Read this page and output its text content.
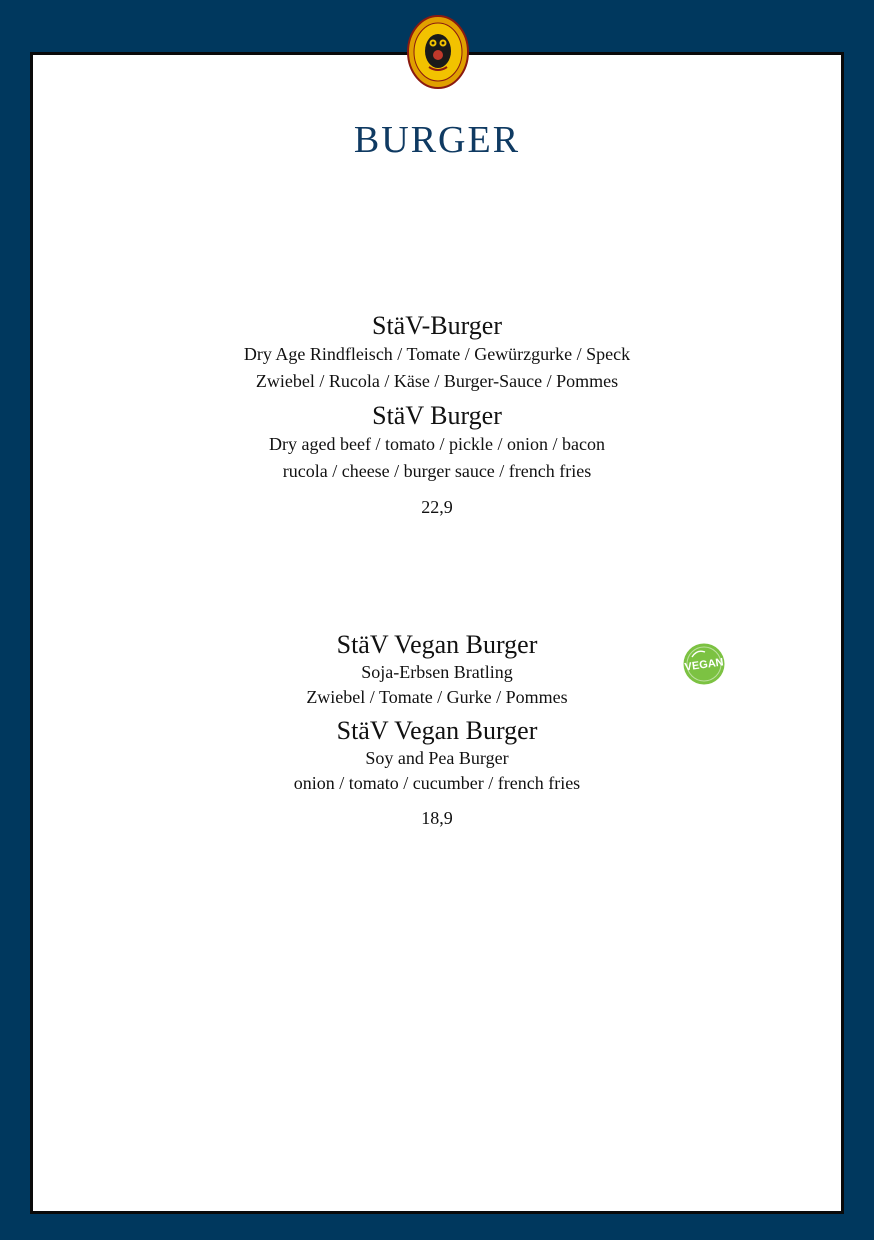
BURGER
StäV-Burger
Dry Age Rindfleisch / Tomate / Gewürzgurke / Speck
Zwiebel / Rucola / Käse / Burger-Sauce / Pommes
StäV Burger
Dry aged beef / tomato / pickle / onion / bacon
rucola / cheese / burger sauce / french fries
22,9
StäV Vegan Burger
Soja-Erbsen Bratling
Zwiebel / Tomate / Gurke / Pommes
StäV Vegan Burger
Soy and Pea Burger
onion / tomato / cucumber / french fries
18,9
VEGAN
